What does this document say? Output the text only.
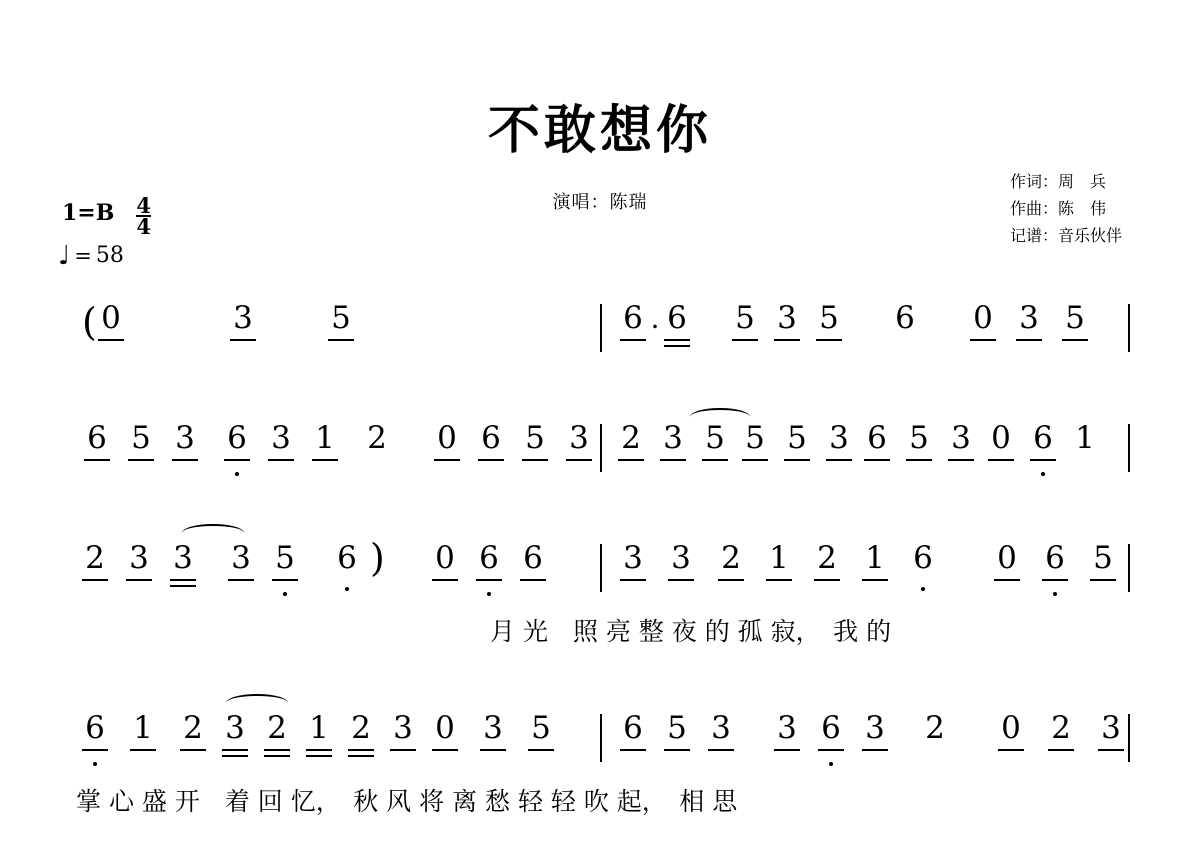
不敢想你
演唱：陈瑞
作词：周　兵
作曲：陈　伟
记谱：音乐伙伴
$1=B \frac{4}{4}$
♩ = 58
( 0

	3

	5	6 . 6 5 3 5 6 0 3 5
6 5 3 6 3 1 2 0 6 5 3 2 3 5 5 5 3 6 5 3 0 6 1
2 3 3 3 5 6 ) 0 6 6	3 3 2 1 2 1 6 0 6 5
月 光　照 亮 整 夜 的 孤 寂，　我 的
6 1 2 3 2 1 2 3 0 3 5 6 5 3 3 6 3 2 0 2 3
掌 心 盛 开　着 回 忆，　秋 风 将 离 愁 轻 轻 吹 起，　相 思
